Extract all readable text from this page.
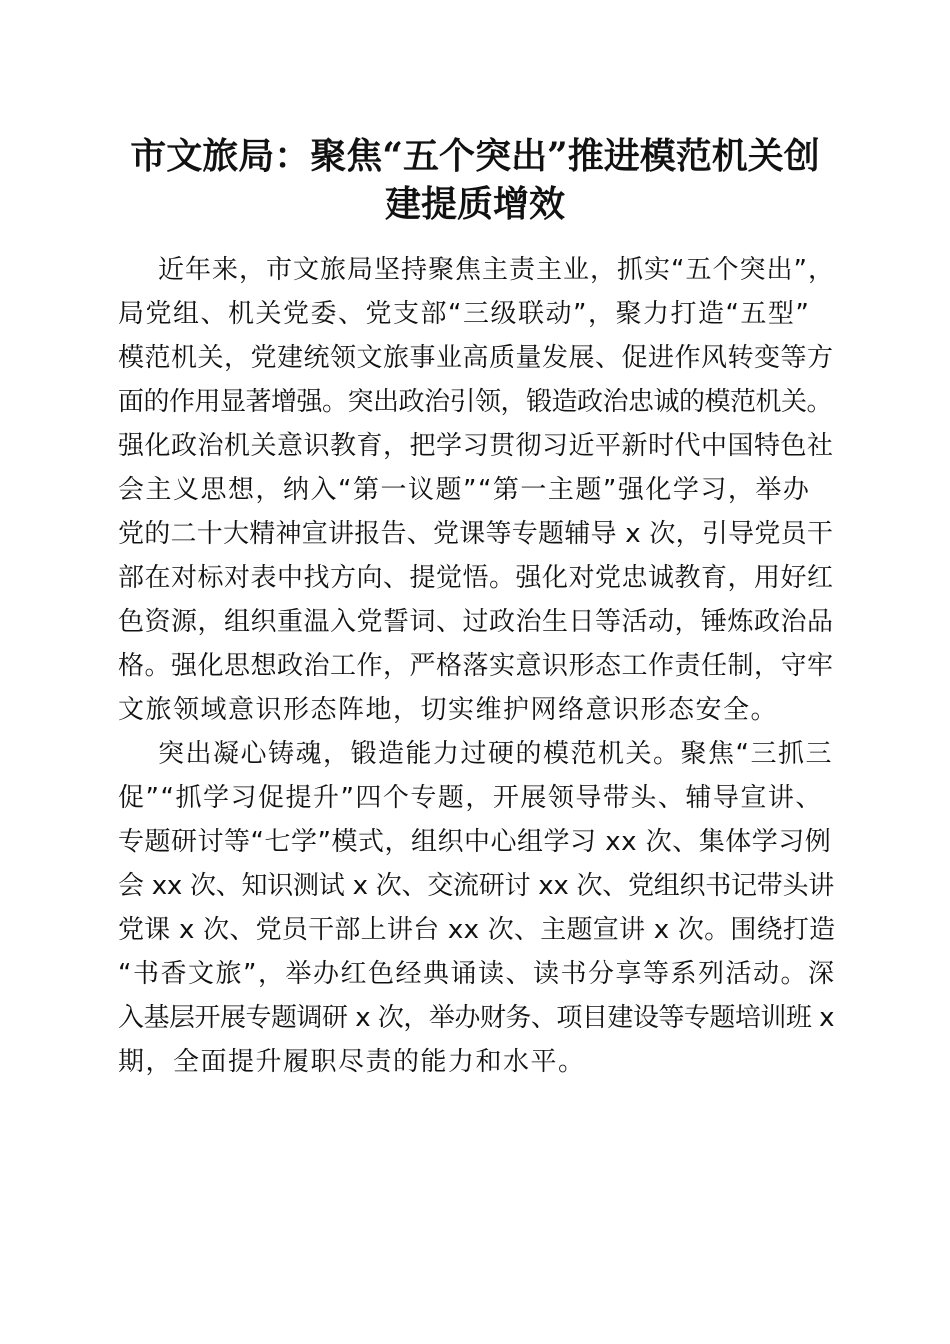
市文旅局：聚焦“五个突出”推进模范机关创
建提质增效
近年来，市文旅局坚持聚焦主责主业，抓实“五个突出”，
局党组、机关党委、党支部“三级联动”，聚力打造“五型”
模范机关，党建统领文旅事业高质量发展、促进作风转变等方
面的作用显著增强。突出政治引领，锻造政治忠诚的模范机关。
强化政治机关意识教育，把学习贯彻习近平新时代中国特色社
会主义思想，纳入“第一议题”“第一主题”强化学习，举办
党的二十大精神宣讲报告、党课等专题辅导 x 次，引导党员干
部在对标对表中找方向、提觉悟。强化对党忠诚教育，用好红
色资源，组织重温入党誓词、过政治生日等活动，锤炼政治品
格。强化思想政治工作，严格落实意识形态工作责任制，守牢
文旅领域意识形态阵地，切实维护网络意识形态安全。
突出凝心铸魂，锻造能力过硬的模范机关。聚焦“三抓三
促”“抓学习促提升”四个专题，开展领导带头、辅导宣讲、
专题研讨等“七学”模式，组织中心组学习 xx 次、集体学习例
会 xx 次、知识测试 x 次、交流研讨 xx 次、党组织书记带头讲
党课 x 次、党员干部上讲台 xx 次、主题宣讲 x 次。围绕打造
“书香文旅”，举办红色经典诵读、读书分享等系列活动。深
入基层开展专题调研 x 次，举办财务、项目建设等专题培训班 x
期，全面提升履职尽责的能力和水平。
